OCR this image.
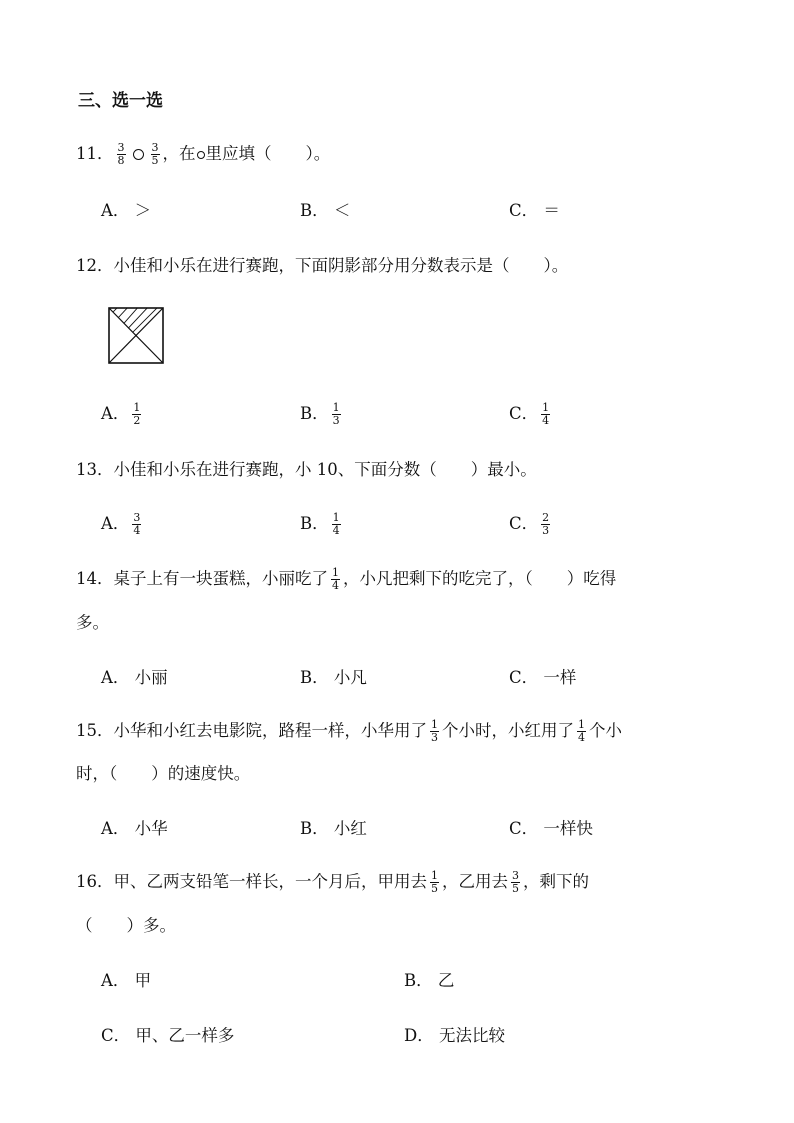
三、选一选
11． $\frac{3}{8} \frac{3}{5}$ ，在 里应填（ ）。
A． ＞	B． ＜	C． ＝
12．小佳和小乐在进行赛跑，下面阴影部分用分数表示是（ ）。
A． $\frac{1}{2}$	B． $\frac{1}{3}$	C． $\frac{1}{4}$
13．小佳和小乐在进行赛跑，小 10、下面分数（ ）最小。
A． $\frac{3}{4}$	B． $\frac{1}{4}$	C． $\frac{2}{3}$
14．桌子上有一块蛋糕，小丽吃了 $\frac{1}{4}$ ，小凡把剩下的吃完了，（ ）吃得
多。
A． 小丽	B． 小凡	C． 一样
15．小华和小红去电影院，路程一样，小华用了 $\frac{1}{3}$ 个小时，小红用了 $\frac{1}{4}$ 个小
时，（ ）的速度快。
A． 小华	B． 小红	C． 一样快
16．甲、乙两支铅笔一样长，一个月后，甲用去 $\frac{1}{5}$ ，乙用去 $\frac{3}{5}$ ，剩下的
（ ）多。
A． 甲	B． 乙
C． 甲、乙一样多	D． 无法比较
